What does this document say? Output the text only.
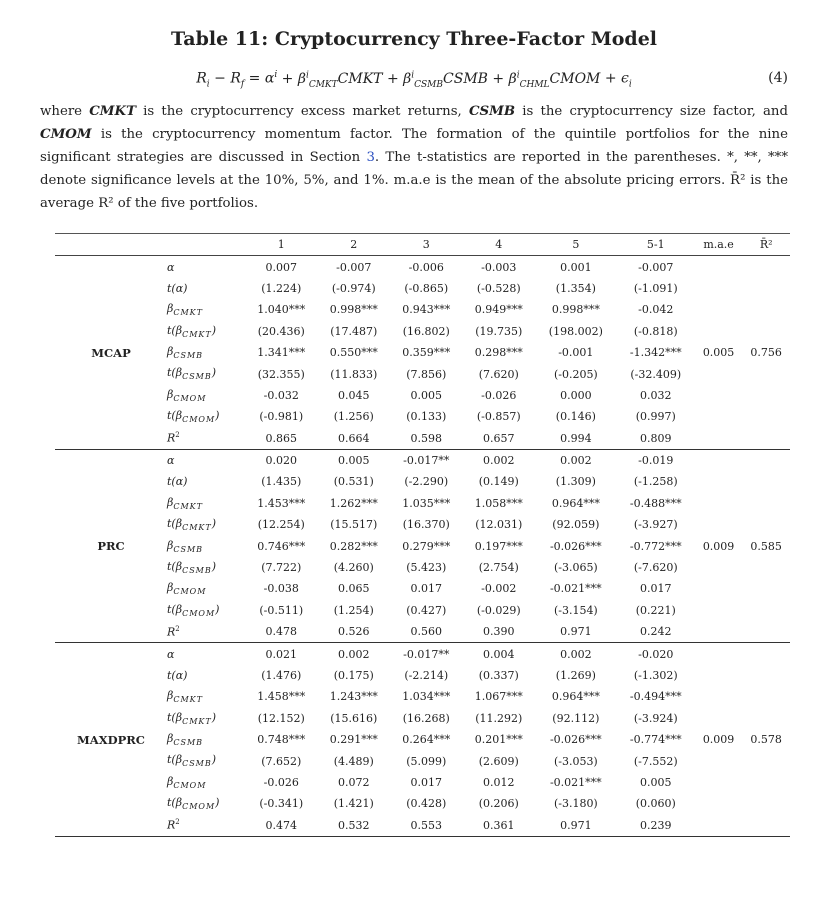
Table 11: Cryptocurrency Three-Factor Model
$R_i - R_f = \alpha^i$ + $\beta^i_{CMKT}CMKT$ + $\beta^i_{CSMB}CSMB$ + $\beta^i_{CHML}CMOM + \epsilon_i$	(4)
where CMKT is the cryptocurrency excess market returns, CSMB is the cryptocurrency size factor, and CMOM is the cryptocurrency momentum factor. The formation of the quintile portfolios for the nine significant strategies are discussed in Section 3. The t-statistics are reported in the parentheses. *, **, *** denote significance levels at the 10%, 5%, and 1%. m.a.e is the mean of the absolute pricing errors. R̄² is the average R² of the five portfolios.
		1	2	3	4	5	5-1	m.a.e	R̄²
	α	0.007	-0.007	-0.006	-0.003	0.001	-0.007		
	t(α)	(1.224)	(-0.974)	(-0.865)	(-0.528)	(1.354)	(-1.091)		
	$\beta_{CMKT}$	1.040***	0.998***	0.943***	0.949***	0.998***	-0.042		
	$t(\beta_{CMKT})$	(20.436)	(17.487)	(16.802)	(19.735)	(198.002)	(-0.818)		
MCAP	$\beta_{CSMB}$	1.341***	0.550***	0.359***	0.298***	-0.001	-1.342***	0.005	0.756
	$t(\beta_{CSMB})$	(32.355)	(11.833)	(7.856)	(7.620)	(-0.205)	(-32.409)		
	$\beta_{CMOM}$	-0.032	0.045	0.005	-0.026	0.000	0.032		
	$t(\beta_{CMOM})$	(-0.981)	(1.256)	(0.133)	(-0.857)	(0.146)	(0.997)		
	$R^2$	0.865	0.664	0.598	0.657	0.994	0.809		
	α	0.020	0.005	-0.017**	0.002	0.002	-0.019		
	t(α)	(1.435)	(0.531)	(-2.290)	(0.149)	(1.309)	(-1.258)		
	$\beta_{CMKT}$	1.453***	1.262***	1.035***	1.058***	0.964***	-0.488***		
	$t(\beta_{CMKT})$	(12.254)	(15.517)	(16.370)	(12.031)	(92.059)	(-3.927)		
PRC	$\beta_{CSMB}$	0.746***	0.282***	0.279***	0.197***	-0.026***	-0.772***	0.009	0.585
	$t(\beta_{CSMB})$	(7.722)	(4.260)	(5.423)	(2.754)	(-3.065)	(-7.620)		
	$\beta_{CMOM}$	-0.038	0.065	0.017	-0.002	-0.021***	0.017		
	$t(\beta_{CMOM})$	(-0.511)	(1.254)	(0.427)	(-0.029)	(-3.154)	(0.221)		
	$R^2$	0.478	0.526	0.560	0.390	0.971	0.242		
	α	0.021	0.002	-0.017**	0.004	0.002	-0.020		
	t(α)	(1.476)	(0.175)	(-2.214)	(0.337)	(1.269)	(-1.302)		
	$\beta_{CMKT}$	1.458***	1.243***	1.034***	1.067***	0.964***	-0.494***		
	$t(\beta_{CMKT})$	(12.152)	(15.616)	(16.268)	(11.292)	(92.112)	(-3.924)		
MAXDPRC	$\beta_{CSMB}$	0.748***	0.291***	0.264***	0.201***	-0.026***	-0.774***	0.009	0.578
	$t(\beta_{CSMB})$	(7.652)	(4.489)	(5.099)	(2.609)	(-3.053)	(-7.552)		
	$\beta_{CMOM}$	-0.026	0.072	0.017	0.012	-0.021***	0.005		
	$t(\beta_{CMOM})$	(-0.341)	(1.421)	(0.428)	(0.206)	(-3.180)	(0.060)		
	$R^2$	0.474	0.532	0.553	0.361	0.971	0.239		
